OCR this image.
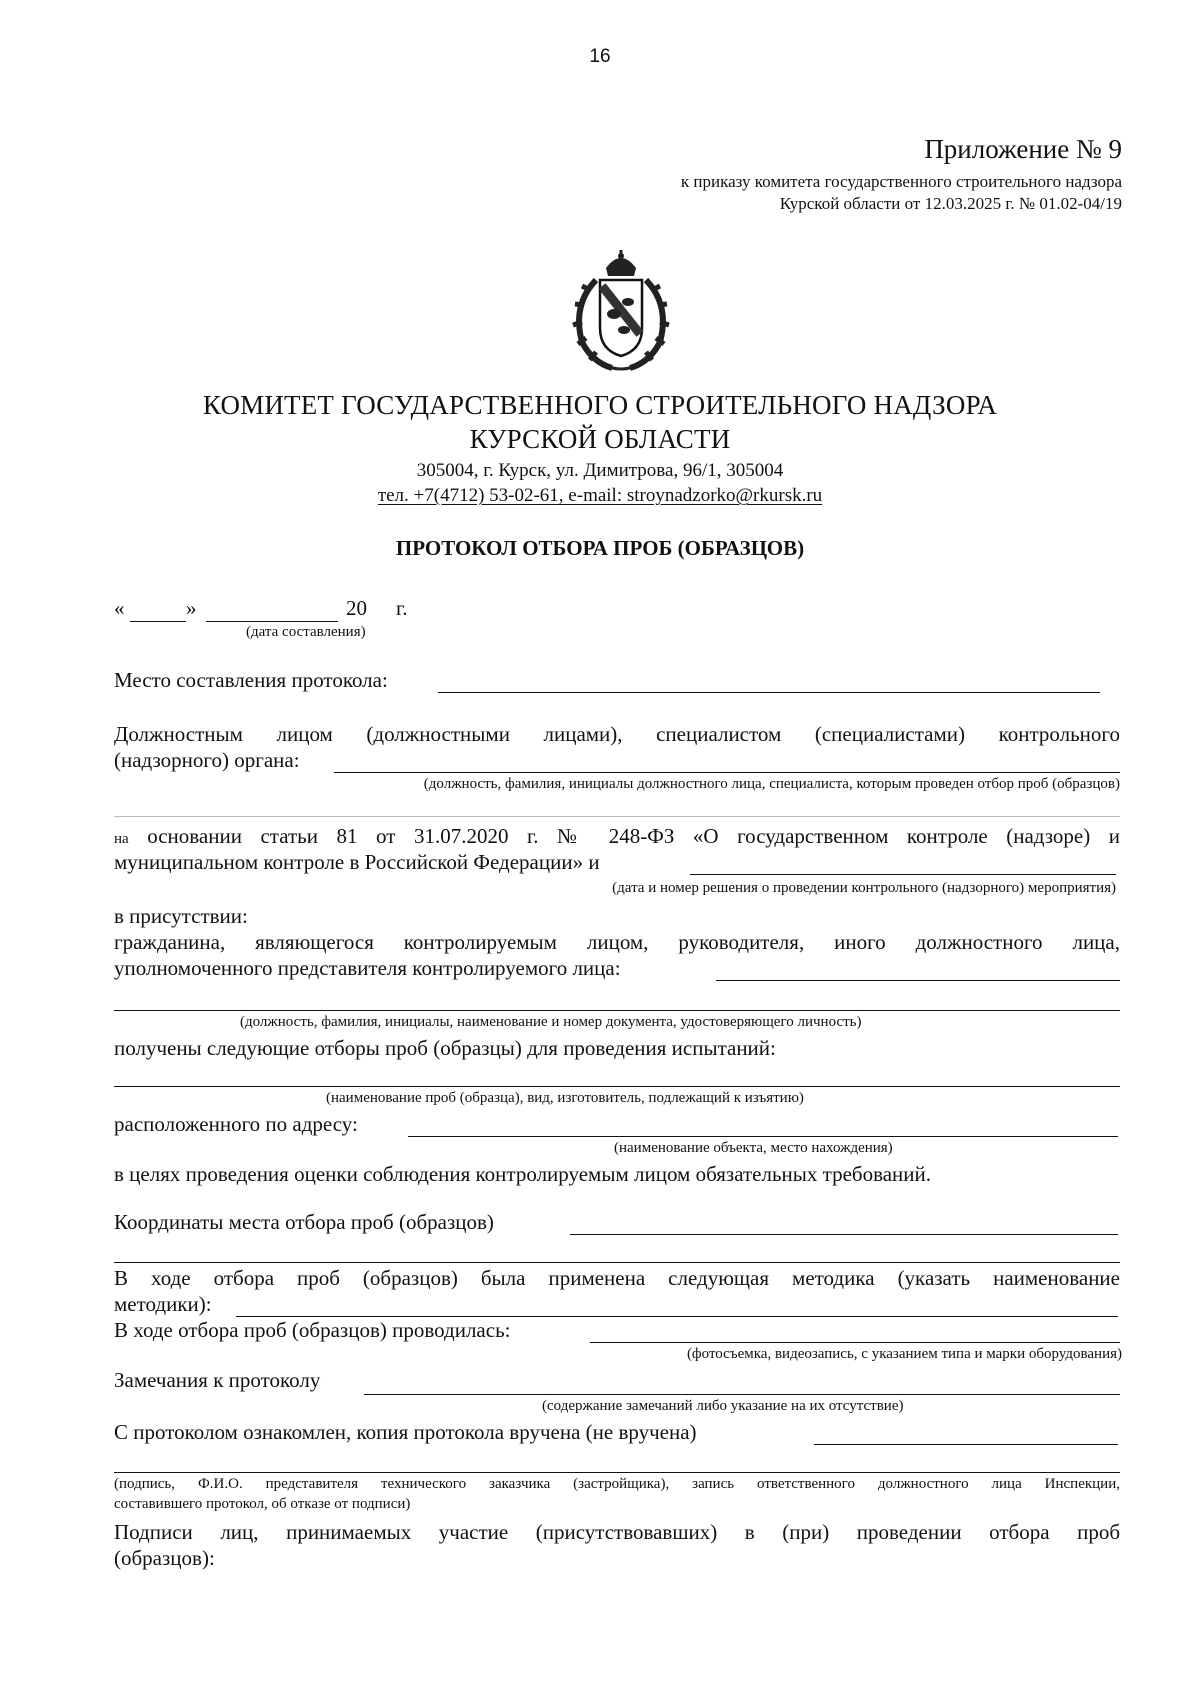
16
Приложение № 9
к приказу комитета государственного строительного надзора
Курской области от 12.03.2025 г. № 01.02-04/19
КОМИТЕТ ГОСУДАРСТВЕННОГО СТРОИТЕЛЬНОГО НАДЗОРА
КУРСКОЙ ОБЛАСТИ
305004, г. Курск, ул. Димитрова, 96/1, 305004
тел. +7(4712) 53-02-61, e-mail: stroynadzorko@rkursk.ru
ПРОТОКОЛ ОТБОРА ПРОБ (ОБРАЗЦОВ)
«	»	20 г.
(дата составления)
Место составления протокола:
Должностным лицом (должностными лицами), специалистом (специалистами) контрольного
(надзорного) органа:
(должность, фамилия, инициалы должностного лица, специалиста, которым проведен отбор проб (образцов)
на основании статьи 81 от 31.07.2020 г. № 248-ФЗ «О государственном контроле (надзоре) и
муниципальном контроле в Российской Федерации» и
(дата и номер решения о проведении контрольного (надзорного) мероприятия)
в присутствии:
гражданина, являющегося контролируемым лицом, руководителя, иного должностного лица,
уполномоченного представителя контролируемого лица:
(должность, фамилия, инициалы, наименование и номер документа, удостоверяющего личность)
получены следующие отборы проб (образцы) для проведения испытаний:
(наименование проб (образца), вид, изготовитель, подлежащий к изъятию)
расположенного по адресу:
(наименование объекта, место нахождения)
в целях проведения оценки соблюдения контролируемым лицом обязательных требований.
Координаты места отбора проб (образцов)
В ходе отбора проб (образцов) была применена следующая методика (указать наименование
методики):
В ходе отбора проб (образцов) проводилась:
(фотосъемка, видеозапись, с указанием типа и марки оборудования)
Замечания к протоколу
(содержание замечаний либо указание на их отсутствие)
С протоколом ознакомлен, копия протокола вручена (не вручена)
(подпись, Ф.И.О. представителя технического заказчика (застройщика), запись ответственного должностного лица Инспекции,
составившего протокол, об отказе от подписи)
Подписи лиц, принимаемых участие (присутствовавших) в (при) проведении отбора проб
(образцов):
